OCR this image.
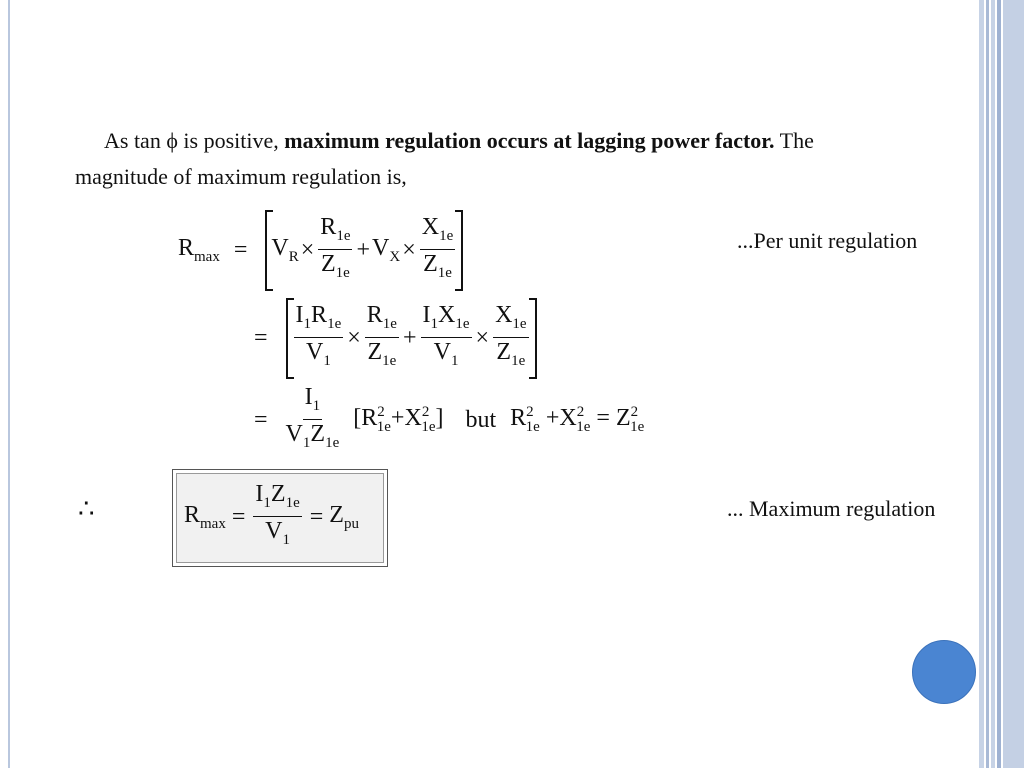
As tan ϕ is positive, maximum regulation occurs at lagging power factor. The
magnitude of maximum regulation is,

$R_{max} = V_R \times \frac{R_{1e}}{Z_{1e}} + V_X \times \frac{X_{1e}}{Z_{1e}}$	...Per unit regulation
= $\frac{I_1R_{1e}}{V_1} \times \frac{R_{1e}}{Z_{1e}} + \frac{I_1X_{1e}}{V_1} \times \frac{X_{1e}}{Z_{1e}}$
= $\frac{I_1}{V_1Z_{1e}} [R^2_{1e}+X^2_{1e}]$ but $R^2_{1e} +X^2_{1e} = Z^2_{1e}$
∴	$R_{max} = \frac{I_1Z_{1e}}{V_1} = Z_{pu}$
... Maximum regulation
